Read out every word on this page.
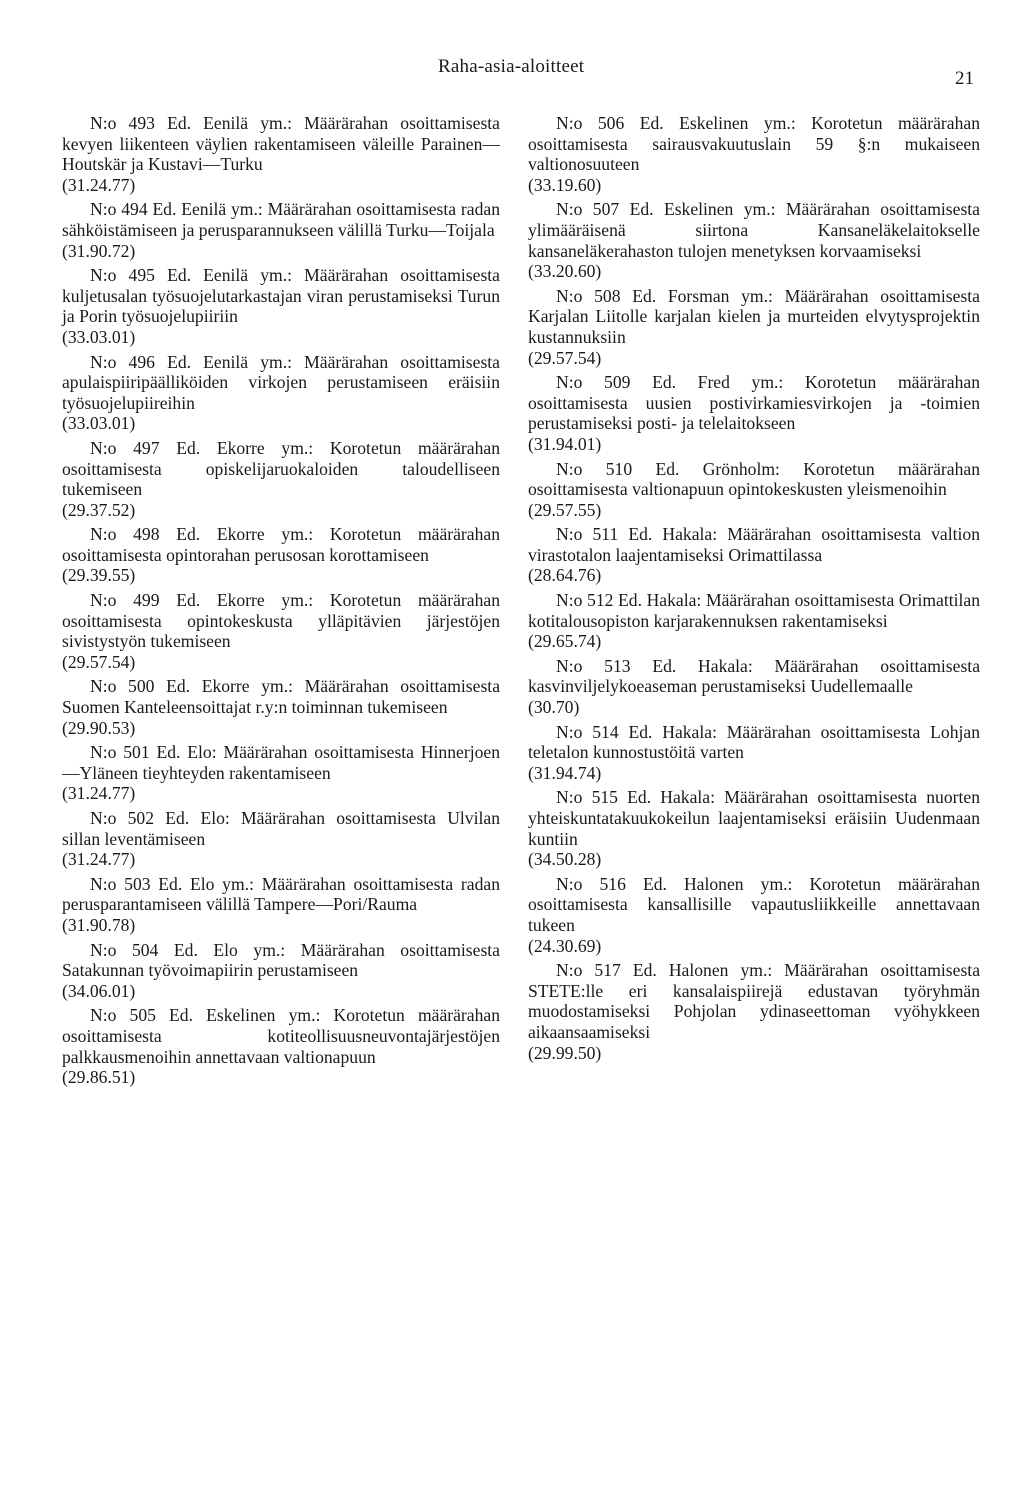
Raha-asia-aloitteet
21
N:o 493 Ed. Eenilä ym.: Määrärahan osoittamisesta kevyen liikenteen väylien rakentamiseen väleille Parainen—Houtskär ja Kustavi—Turku
(31.24.77)
N:o 494 Ed. Eenilä ym.: Määrärahan osoittamisesta radan sähköistämiseen ja perusparannukseen välillä Turku—Toijala
(31.90.72)
N:o 495 Ed. Eenilä ym.: Määrärahan osoittamisesta kuljetusalan työsuojelutarkastajan viran perustamiseksi Turun ja Porin työsuojelupiiriin
(33.03.01)
N:o 496 Ed. Eenilä ym.: Määrärahan osoittamisesta apulaispiiripäälliköiden virkojen perustamiseen eräisiin työsuojelupiireihin
(33.03.01)
N:o 497 Ed. Ekorre ym.: Korotetun määrärahan osoittamisesta opiskelijaruokaloiden taloudelliseen tukemiseen
(29.37.52)
N:o 498 Ed. Ekorre ym.: Korotetun määrärahan osoittamisesta opintorahan perusosan korottamiseen
(29.39.55)
N:o 499 Ed. Ekorre ym.: Korotetun määrärahan osoittamisesta opintokeskusta ylläpitävien järjestöjen sivistystyön tukemiseen
(29.57.54)
N:o 500 Ed. Ekorre ym.: Määrärahan osoittamisesta Suomen Kanteleensoittajat r.y:n toiminnan tukemiseen
(29.90.53)
N:o 501 Ed. Elo: Määrärahan osoittamisesta Hinnerjoen—Yläneen tieyhteyden rakentamiseen
(31.24.77)
N:o 502 Ed. Elo: Määrärahan osoittamisesta Ulvilan sillan leventämiseen
(31.24.77)
N:o 503 Ed. Elo ym.: Määrärahan osoittamisesta radan perusparantamiseen välillä Tampere—Pori/Rauma
(31.90.78)
N:o 504 Ed. Elo ym.: Määrärahan osoittamisesta Satakunnan työvoimapiirin perustamiseen
(34.06.01)
N:o 505 Ed. Eskelinen ym.: Korotetun määrärahan osoittamisesta kotiteollisuusneuvontajärjestöjen palkkausmenoihin annettavaan valtionapuun
(29.86.51)
N:o 506 Ed. Eskelinen ym.: Korotetun määrärahan osoittamisesta sairausvakuutuslain 59 §:n mukaiseen valtionosuuteen
(33.19.60)
N:o 507 Ed. Eskelinen ym.: Määrärahan osoittamisesta ylimääräisenä siirtona Kansaneläkelaitokselle kansaneläkerahaston tulojen menetyksen korvaamiseksi
(33.20.60)
N:o 508 Ed. Forsman ym.: Määrärahan osoittamisesta Karjalan Liitolle karjalan kielen ja murteiden elvytysprojektin kustannuksiin
(29.57.54)
N:o 509 Ed. Fred ym.: Korotetun määrärahan osoittamisesta uusien postivirkamiesvirkojen ja -toimien perustamiseksi posti- ja telelaitokseen
(31.94.01)
N:o 510 Ed. Grönholm: Korotetun määrärahan osoittamisesta valtionapuun opintokeskusten yleismenoihin
(29.57.55)
N:o 511 Ed. Hakala: Määrärahan osoittamisesta valtion virastotalon laajentamiseksi Orimattilassa
(28.64.76)
N:o 512 Ed. Hakala: Määrärahan osoittamisesta Orimattilan kotitalousopiston karjarakennuksen rakentamiseksi
(29.65.74)
N:o 513 Ed. Hakala: Määrärahan osoittamisesta kasvinviljelykoeaseman perustamiseksi Uudellemaalle
(30.70)
N:o 514 Ed. Hakala: Määrärahan osoittamisesta Lohjan teletalon kunnostustöitä varten
(31.94.74)
N:o 515 Ed. Hakala: Määrärahan osoittamisesta nuorten yhteiskuntatakuukokeilun laajentamiseksi eräisiin Uudenmaan kuntiin
(34.50.28)
N:o 516 Ed. Halonen ym.: Korotetun määrärahan osoittamisesta kansallisille vapautusliikkeille annettavaan tukeen
(24.30.69)
N:o 517 Ed. Halonen ym.: Määrärahan osoittamisesta STETE:lle eri kansalaispiirejä edustavan työryhmän muodostamiseksi Pohjolan ydinaseettoman vyöhykkeen aikaansaamiseksi
(29.99.50)
